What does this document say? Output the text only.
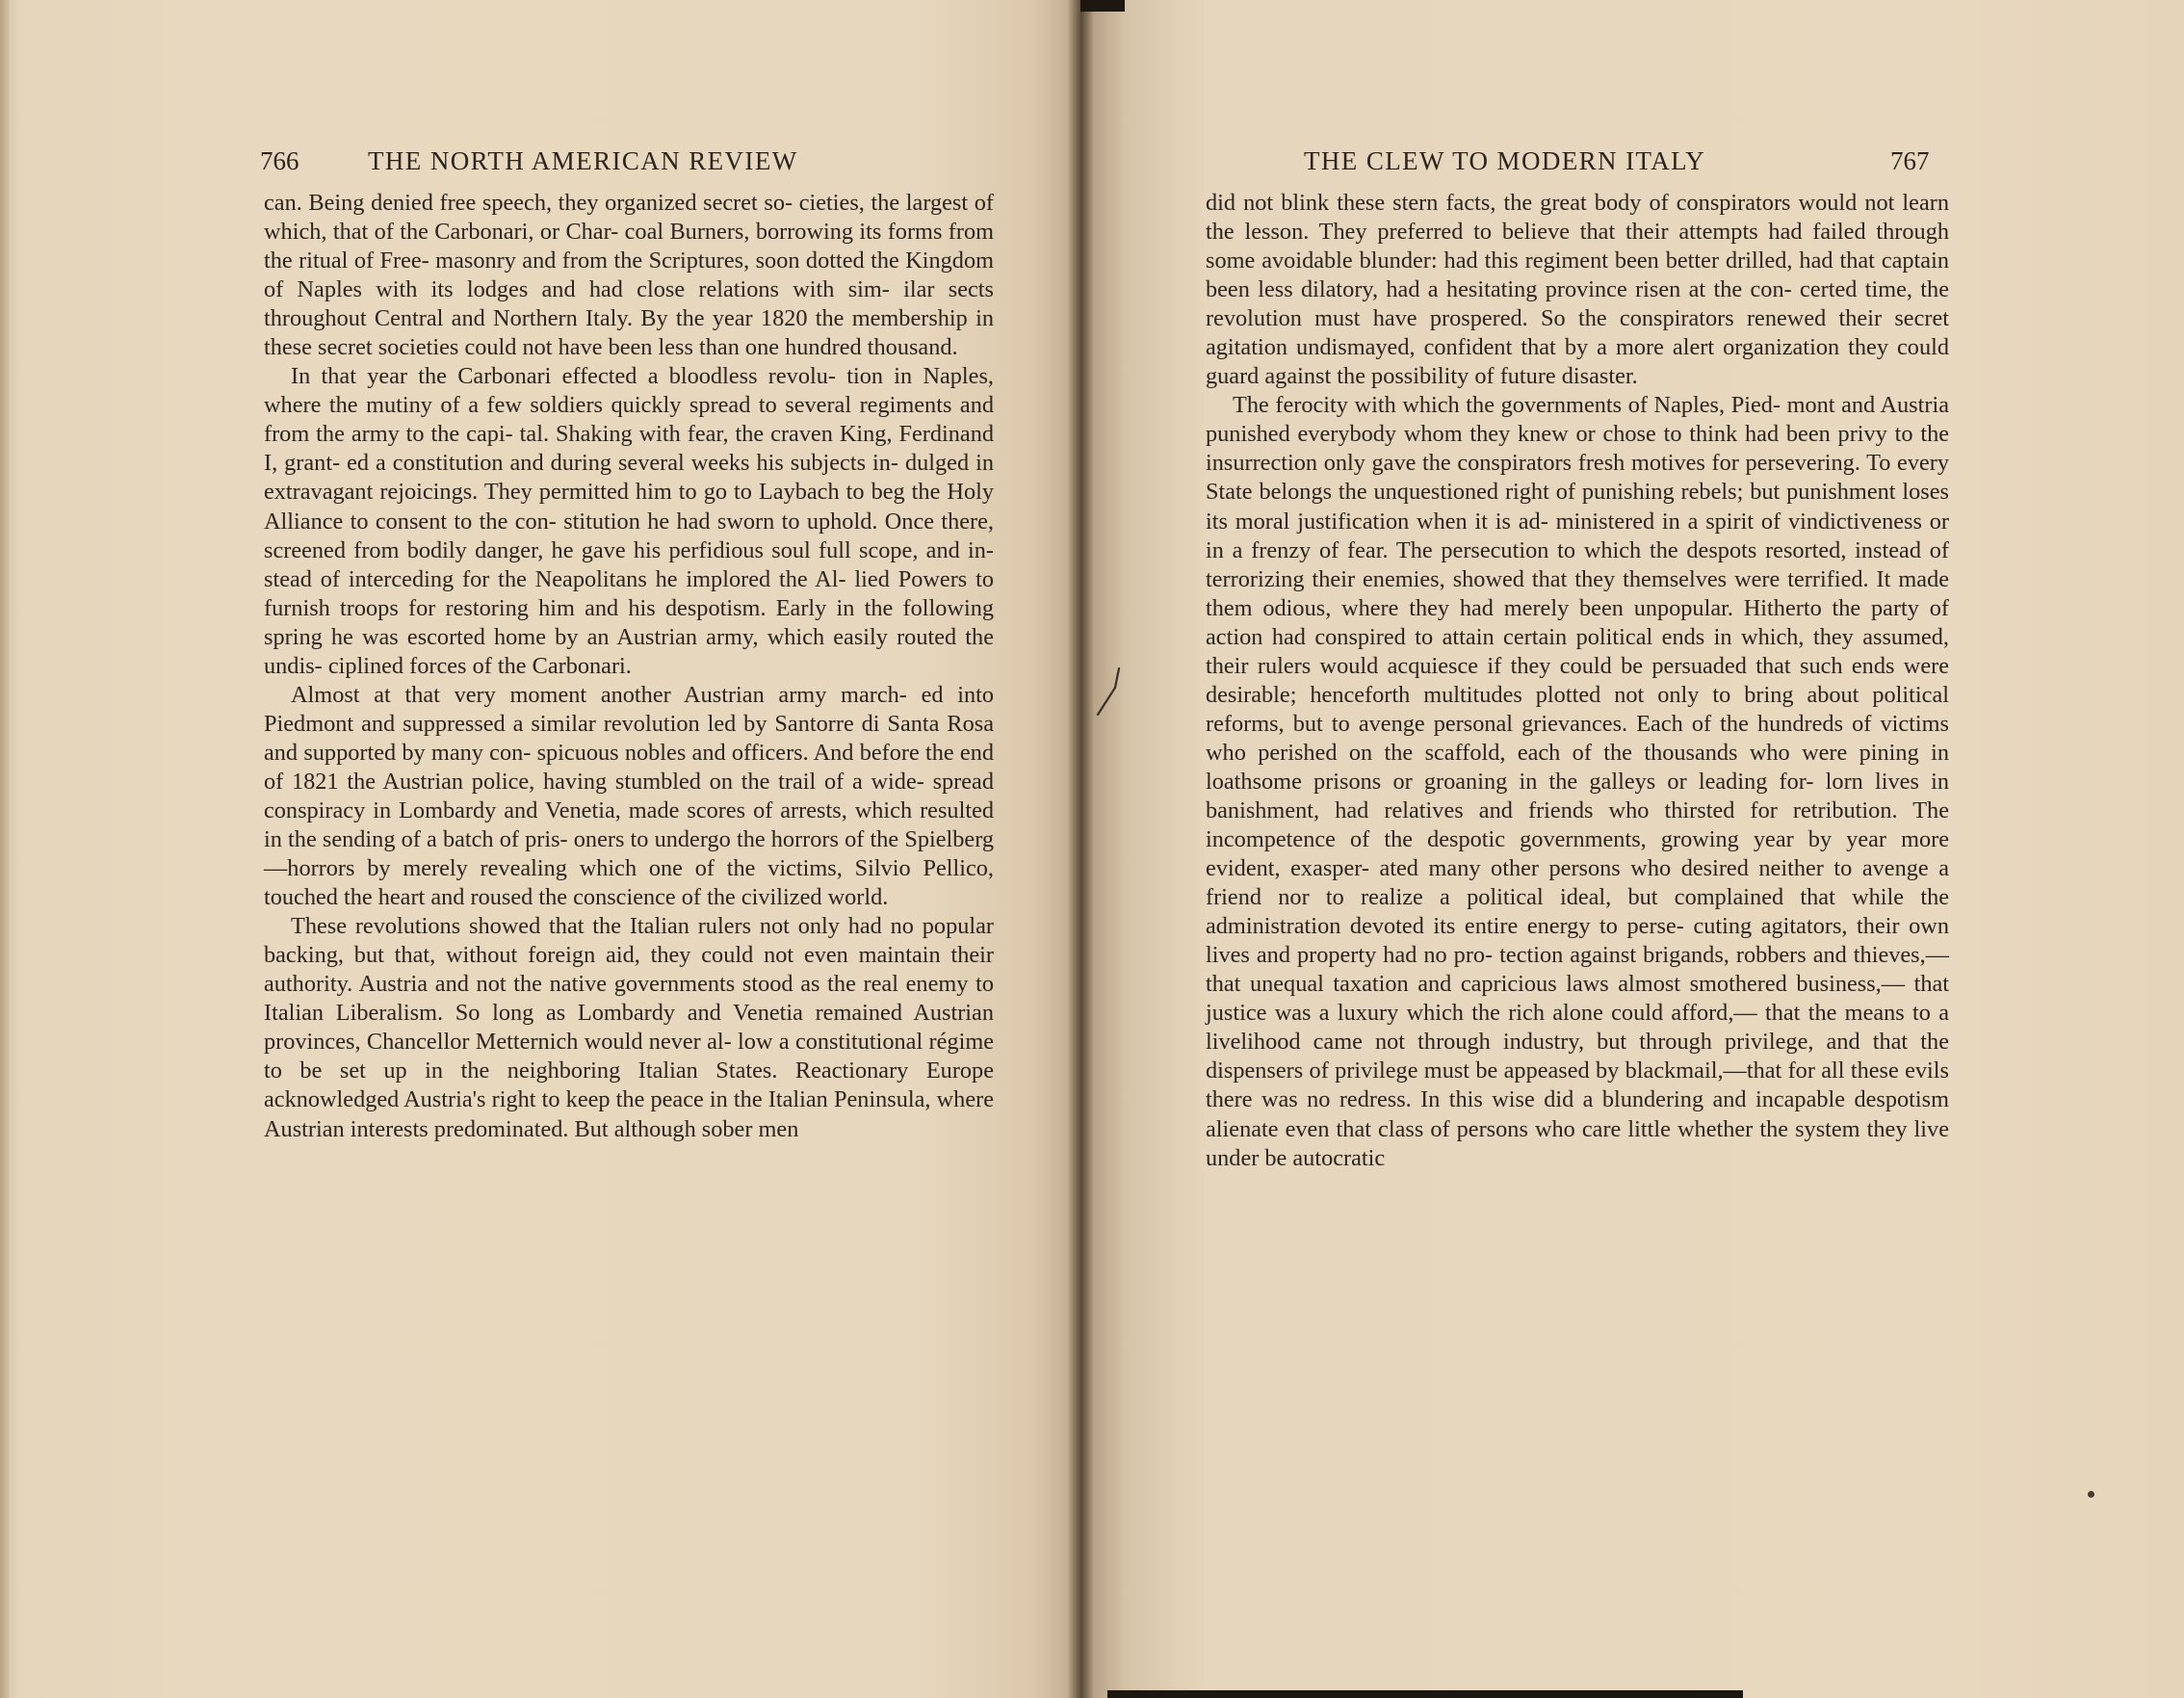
766	THE NORTH AMERICAN REVIEW

can. Being denied free speech, they organized secret so- cieties, the largest of which, that of the Carbonari, or Char- coal Burners, borrowing its forms from the ritual of Free- masonry and from the Scriptures, soon dotted the Kingdom of Naples with its lodges and had close relations with sim- ilar sects throughout Central and Northern Italy. By the year 1820 the membership in these secret societies could not have been less than one hundred thousand.

In that year the Carbonari effected a bloodless revolu- tion in Naples, where the mutiny of a few soldiers quickly spread to several regiments and from the army to the capi- tal. Shaking with fear, the craven King, Ferdinand I, grant- ed a constitution and during several weeks his subjects in- dulged in extravagant rejoicings. They permitted him to go to Laybach to beg the Holy Alliance to consent to the con- stitution he had sworn to uphold. Once there, screened from bodily danger, he gave his perfidious soul full scope, and in- stead of interceding for the Neapolitans he implored the Al- lied Powers to furnish troops for restoring him and his despotism. Early in the following spring he was escorted home by an Austrian army, which easily routed the undis- ciplined forces of the Carbonari.

Almost at that very moment another Austrian army march- ed into Piedmont and suppressed a similar revolution led by Santorre di Santa Rosa and supported by many con- spicuous nobles and officers. And before the end of 1821 the Austrian police, having stumbled on the trail of a wide- spread conspiracy in Lombardy and Venetia, made scores of arrests, which resulted in the sending of a batch of pris- oners to undergo the horrors of the Spielberg—horrors by merely revealing which one of the victims, Silvio Pellico, touched the heart and roused the conscience of the civilized world.

These revolutions showed that the Italian rulers not only had no popular backing, but that, without foreign aid, they could not even maintain their authority. Austria and not the native governments stood as the real enemy to Italian Liberalism. So long as Lombardy and Venetia remained Austrian provinces, Chancellor Metternich would never al- low a constitutional régime to be set up in the neighboring Italian States. Reactionary Europe acknowledged Austria's right to keep the peace in the Italian Peninsula, where Austrian interests predominated. But although sober men

THE CLEW TO MODERN ITALY	767

did not blink these stern facts, the great body of conspirators would not learn the lesson. They preferred to believe that their attempts had failed through some avoidable blunder: had this regiment been better drilled, had that captain been less dilatory, had a hesitating province risen at the con- certed time, the revolution must have prospered. So the conspirators renewed their secret agitation undismayed, confident that by a more alert organization they could guard against the possibility of future disaster.

The ferocity with which the governments of Naples, Pied- mont and Austria punished everybody whom they knew or chose to think had been privy to the insurrection only gave the conspirators fresh motives for persevering. To every State belongs the unquestioned right of punishing rebels; but punishment loses its moral justification when it is ad- ministered in a spirit of vindictiveness or in a frenzy of fear. The persecution to which the despots resorted, instead of terrorizing their enemies, showed that they themselves were terrified. It made them odious, where they had merely been unpopular. Hitherto the party of action had conspired to attain certain political ends in which, they assumed, their rulers would acquiesce if they could be persuaded that such ends were desirable; henceforth multitudes plotted not only to bring about political reforms, but to avenge personal grievances. Each of the hundreds of victims who perished on the scaffold, each of the thousands who were pining in loathsome prisons or groaning in the galleys or leading for- lorn lives in banishment, had relatives and friends who thirsted for retribution. The incompetence of the despotic governments, growing year by year more evident, exasper- ated many other persons who desired neither to avenge a friend nor to realize a political ideal, but complained that while the administration devoted its entire energy to perse- cuting agitators, their own lives and property had no pro- tection against brigands, robbers and thieves,—that unequal taxation and capricious laws almost smothered business,— that justice was a luxury which the rich alone could afford,— that the means to a livelihood came not through industry, but through privilege, and that the dispensers of privilege must be appeased by blackmail,—that for all these evils there was no redress. In this wise did a blundering and incapable despotism alienate even that class of persons who care little whether the system they live under be autocratic
